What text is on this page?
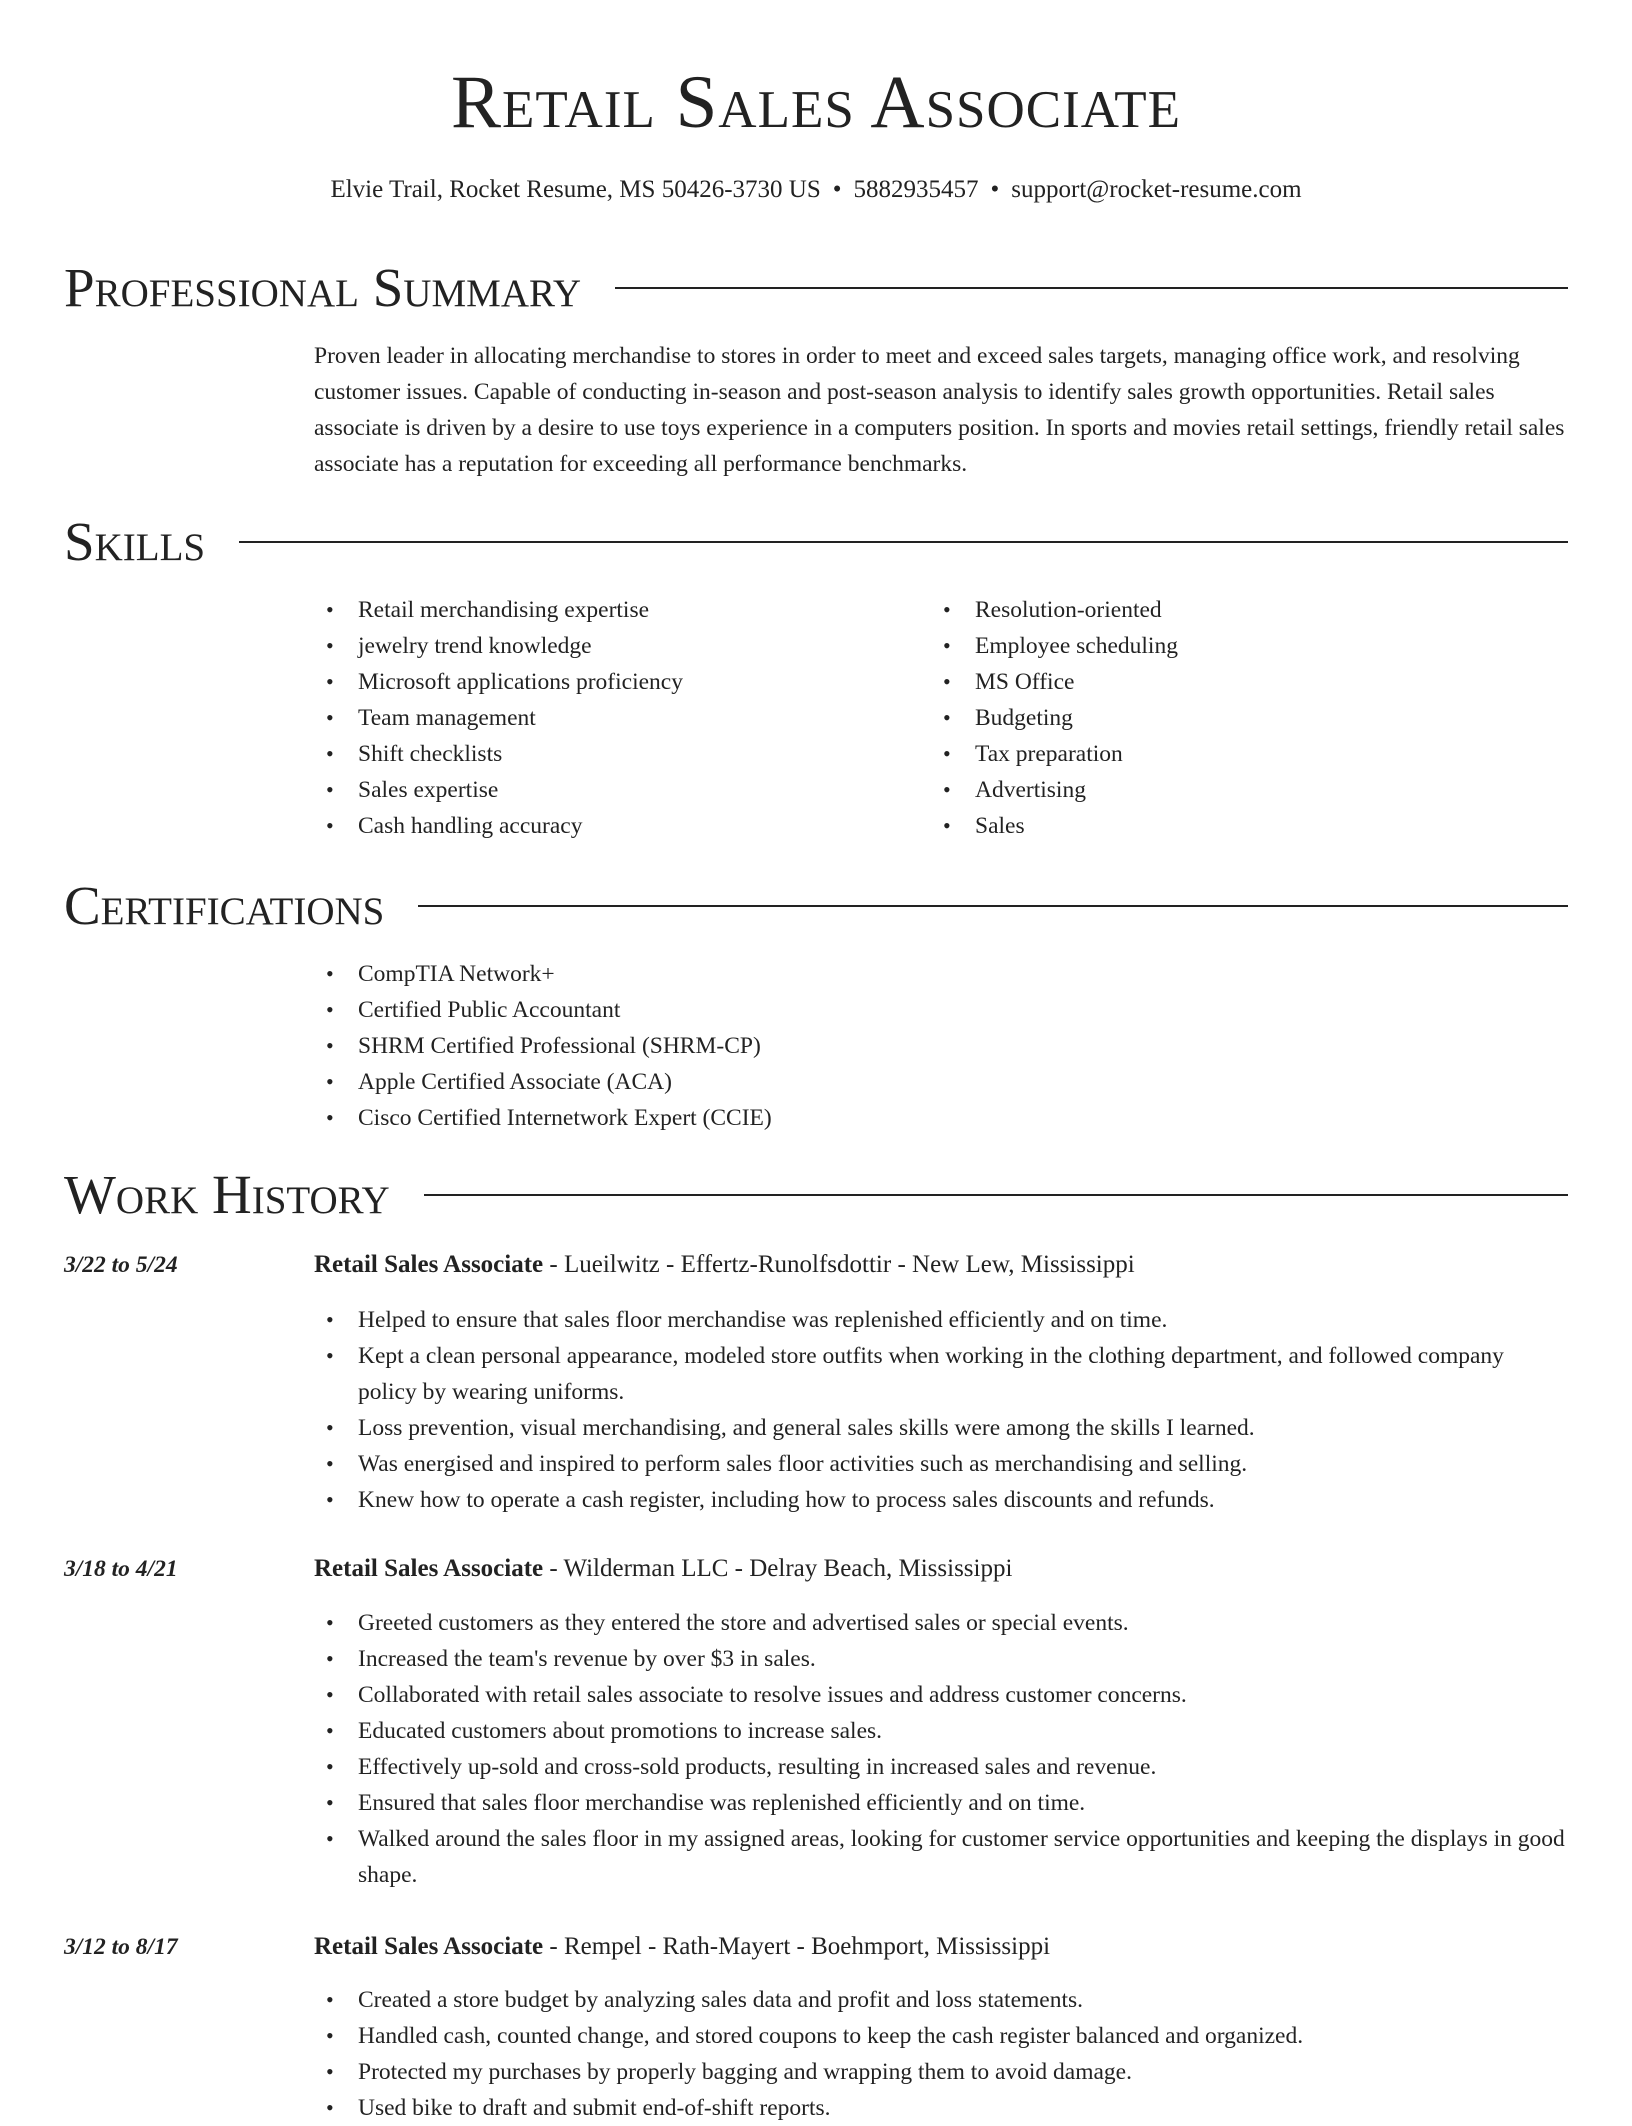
Retail Sales Associate
Elvie Trail, Rocket Resume, MS 50426-3730 US • 5882935457 • support@rocket-resume.com
Professional Summary

Proven leader in allocating merchandise to stores in order to meet and exceed sales targets, managing office work, and resolving customer issues. Capable of conducting in-season and post-season analysis to identify sales growth opportunities. Retail sales associate is driven by a desire to use toys experience in a computers position. In sports and movies retail settings, friendly retail sales associate has a reputation for exceeding all performance benchmarks.

Skills
• Retail merchandising expertise
• jewelry trend knowledge
• Microsoft applications proficiency
• Team management
• Shift checklists
• Sales expertise
• Cash handling accuracy
• Resolution-oriented
• Employee scheduling
• MS Office
• Budgeting
• Tax preparation
• Advertising
• Sales
Certifications
• CompTIA Network+
• Certified Public Accountant
• SHRM Certified Professional (SHRM-CP)
• Apple Certified Associate (ACA)
• Cisco Certified Internetwork Expert (CCIE)
Work History
3/22 to 5/24	Retail Sales Associate - Lueilwitz - Effertz-Runolfsdottir - New Lew, Mississippi
• Helped to ensure that sales floor merchandise was replenished efficiently and on time.
• Kept a clean personal appearance, modeled store outfits when working in the clothing department, and followed company policy by wearing uniforms.
• Loss prevention, visual merchandising, and general sales skills were among the skills I learned.
• Was energised and inspired to perform sales floor activities such as merchandising and selling.
• Knew how to operate a cash register, including how to process sales discounts and refunds.
3/18 to 4/21	Retail Sales Associate - Wilderman LLC - Delray Beach, Mississippi
• Greeted customers as they entered the store and advertised sales or special events.
• Increased the team's revenue by over $3 in sales.
• Collaborated with retail sales associate to resolve issues and address customer concerns.
• Educated customers about promotions to increase sales.
• Effectively up-sold and cross-sold products, resulting in increased sales and revenue.
• Ensured that sales floor merchandise was replenished efficiently and on time.
• Walked around the sales floor in my assigned areas, looking for customer service opportunities and keeping the displays in good shape.
3/12 to 8/17	Retail Sales Associate - Rempel - Rath-Mayert - Boehmport, Mississippi
• Created a store budget by analyzing sales data and profit and loss statements.
• Handled cash, counted change, and stored coupons to keep the cash register balanced and organized.
• Protected my purchases by properly bagging and wrapping them to avoid damage.
• Used bike to draft and submit end-of-shift reports.
